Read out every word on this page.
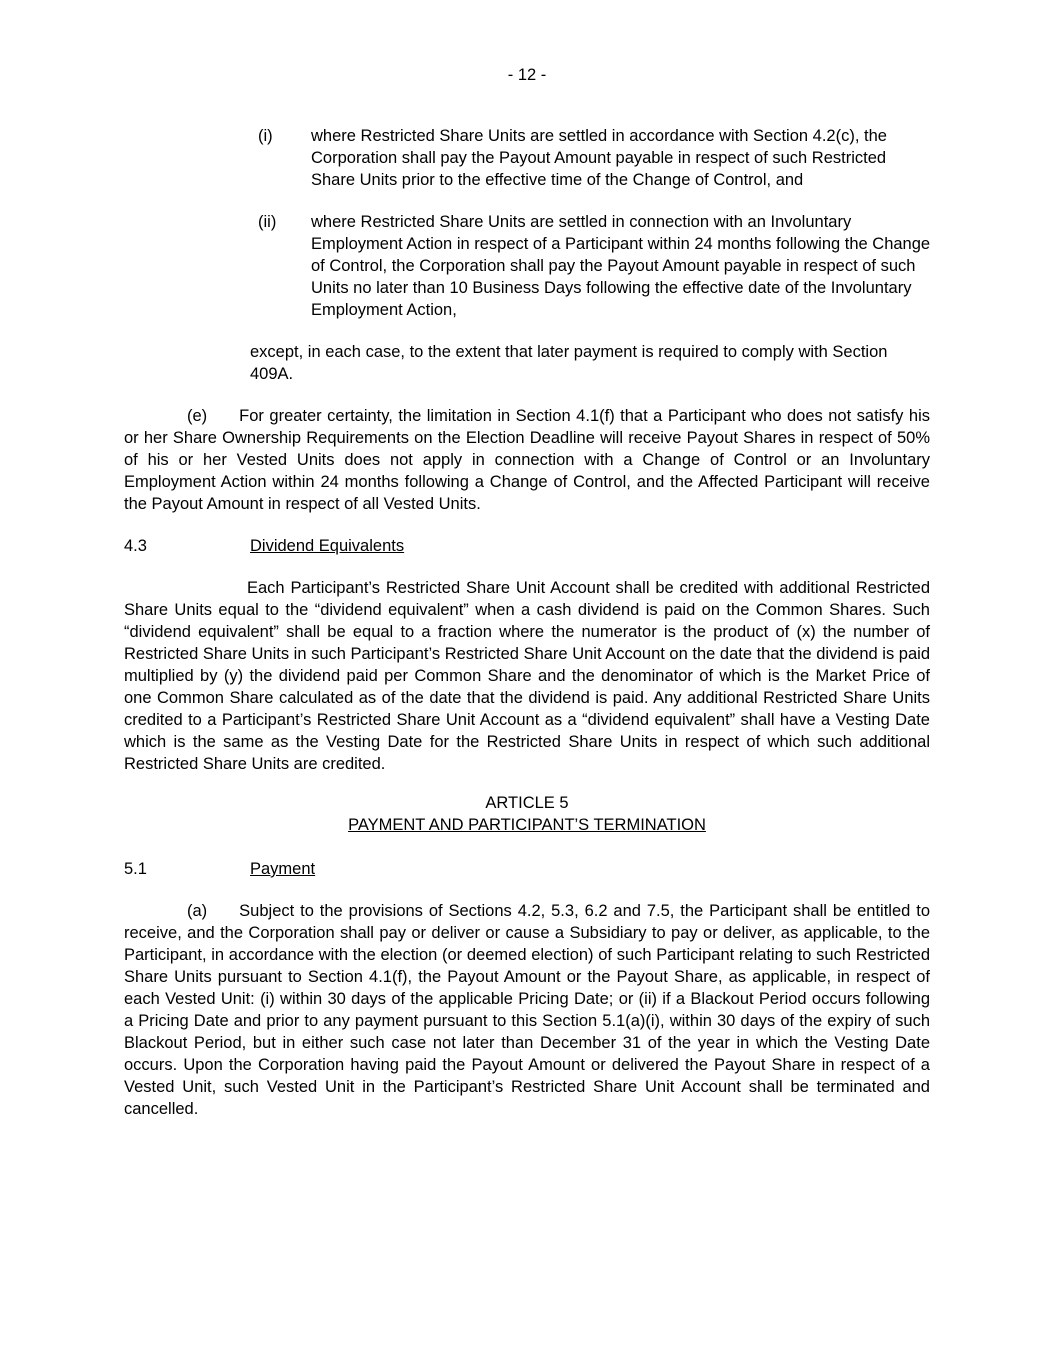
- 12 -
(i) where Restricted Share Units are settled in accordance with Section 4.2(c), the Corporation shall pay the Payout Amount payable in respect of such Restricted Share Units prior to the effective time of the Change of Control, and
(ii) where Restricted Share Units are settled in connection with an Involuntary Employment Action in respect of a Participant within 24 months following the Change of Control, the Corporation shall pay the Payout Amount payable in respect of such Units no later than 10 Business Days following the effective date of the Involuntary Employment Action,
except, in each case, to the extent that later payment is required to comply with Section 409A.

(e) For greater certainty, the limitation in Section 4.1(f) that a Participant who does not satisfy his or her Share Ownership Requirements on the Election Deadline will receive Payout Shares in respect of 50% of his or her Vested Units does not apply in connection with a Change of Control or an Involuntary Employment Action within 24 months following a Change of Control, and the Affected Participant will receive the Payout Amount in respect of all Vested Units.

4.3	Dividend Equivalents

Each Participant’s Restricted Share Unit Account shall be credited with additional Restricted Share Units equal to the “dividend equivalent” when a cash dividend is paid on the Common Shares. Such “dividend equivalent” shall be equal to a fraction where the numerator is the product of (x) the number of Restricted Share Units in such Participant’s Restricted Share Unit Account on the date that the dividend is paid multiplied by (y) the dividend paid per Common Share and the denominator of which is the Market Price of one Common Share calculated as of the date that the dividend is paid. Any additional Restricted Share Units credited to a Participant’s Restricted Share Unit Account as a “dividend equivalent” shall have a Vesting Date which is the same as the Vesting Date for the Restricted Share Units in respect of which such additional Restricted Share Units are credited.

ARTICLE 5
PAYMENT AND PARTICIPANT’S TERMINATION
5.1	Payment

(a) Subject to the provisions of Sections 4.2, 5.3, 6.2 and 7.5, the Participant shall be entitled to receive, and the Corporation shall pay or deliver or cause a Subsidiary to pay or deliver, as applicable, to the Participant, in accordance with the election (or deemed election) of such Participant relating to such Restricted Share Units pursuant to Section 4.1(f), the Payout Amount or the Payout Share, as applicable, in respect of each Vested Unit: (i) within 30 days of the applicable Pricing Date; or (ii) if a Blackout Period occurs following a Pricing Date and prior to any payment pursuant to this Section 5.1(a)(i), within 30 days of the expiry of such Blackout Period, but in either such case not later than December 31 of the year in which the Vesting Date occurs. Upon the Corporation having paid the Payout Amount or delivered the Payout Share in respect of a Vested Unit, such Vested Unit in the Participant’s Restricted Share Unit Account shall be terminated and cancelled.
